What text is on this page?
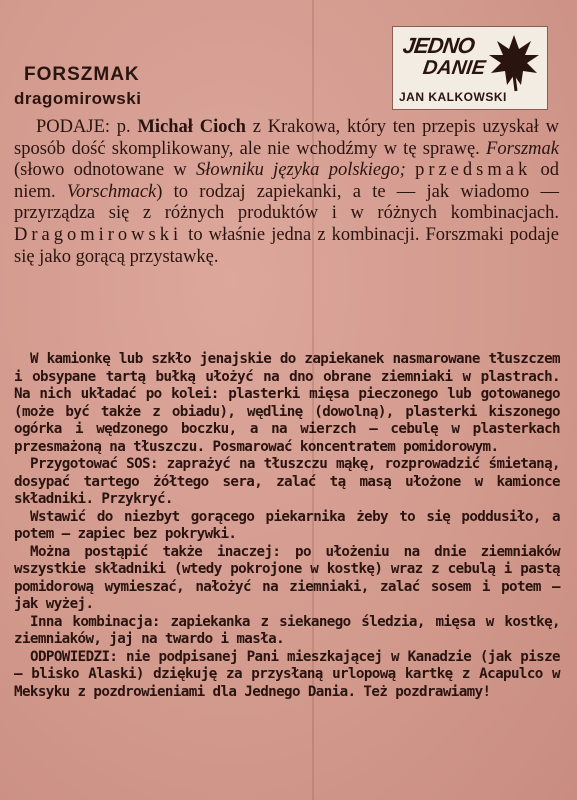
FORSZMAK
dragomirowski
JEDNO
DANIE
JAN KALKOWSKI

PODAJE: p. Michał Cioch z Krakowa, który ten przepis uzyskał w sposób dość skomplikowany, ale nie wchodźmy w tę sprawę. Forszmak (słowo odnotowane w Słowniku języka polskiego; przedsmak od niem. Vorschmack) to rodzaj zapiekanki, a te — jak wiadomo — przyrządza się z różnych produktów i w różnych kombinacjach. Dragomirowski to właśnie jedna z kombinacji. Forszmaki podaje się jako gorącą przystawkę.

W kamionkę lub szkło jenajskie do zapiekanek nasmarowane tłuszczem i obsypane tartą bułką ułożyć na dno obrane ziemniaki w plastrach. Na nich układać po kolei: plasterki mięsa pieczonego lub gotowanego (może być także z obiadu), wędlinę (dowolną), plasterki kiszonego ogórka i wędzonego boczku, a na wierzch — cebulę w plasterkach przesmażoną na tłuszczu. Posmarować koncentratem pomidorowym.

Przygotować SOS: zaprażyć na tłuszczu mąkę, rozprowadzić śmietaną, dosypać tartego żółtego sera, zalać tą masą ułożone w kamionce składniki. Przykryć.

Wstawić do niezbyt gorącego piekarnika żeby to się poddusiło, a potem — zapiec bez pokrywki.

Można postąpić także inaczej: po ułożeniu na dnie ziemniaków wszystkie składniki (wtedy pokrojone w kostkę) wraz z cebulą i pastą pomidorową wymieszać, nałożyć na ziemniaki, zalać sosem i potem — jak wyżej.

Inna kombinacja: zapiekanka z siekanego śledzia, mięsa w kostkę, ziemniaków, jaj na twardo i masła.

ODPOWIEDZI: nie podpisanej Pani mieszkającej w Kanadzie (jak pisze — blisko Alaski) dziękuję za przysłaną urlopową kartkę z Acapulco w Meksyku z pozdrowieniami dla Jednego Dania. Też pozdrawiamy!
